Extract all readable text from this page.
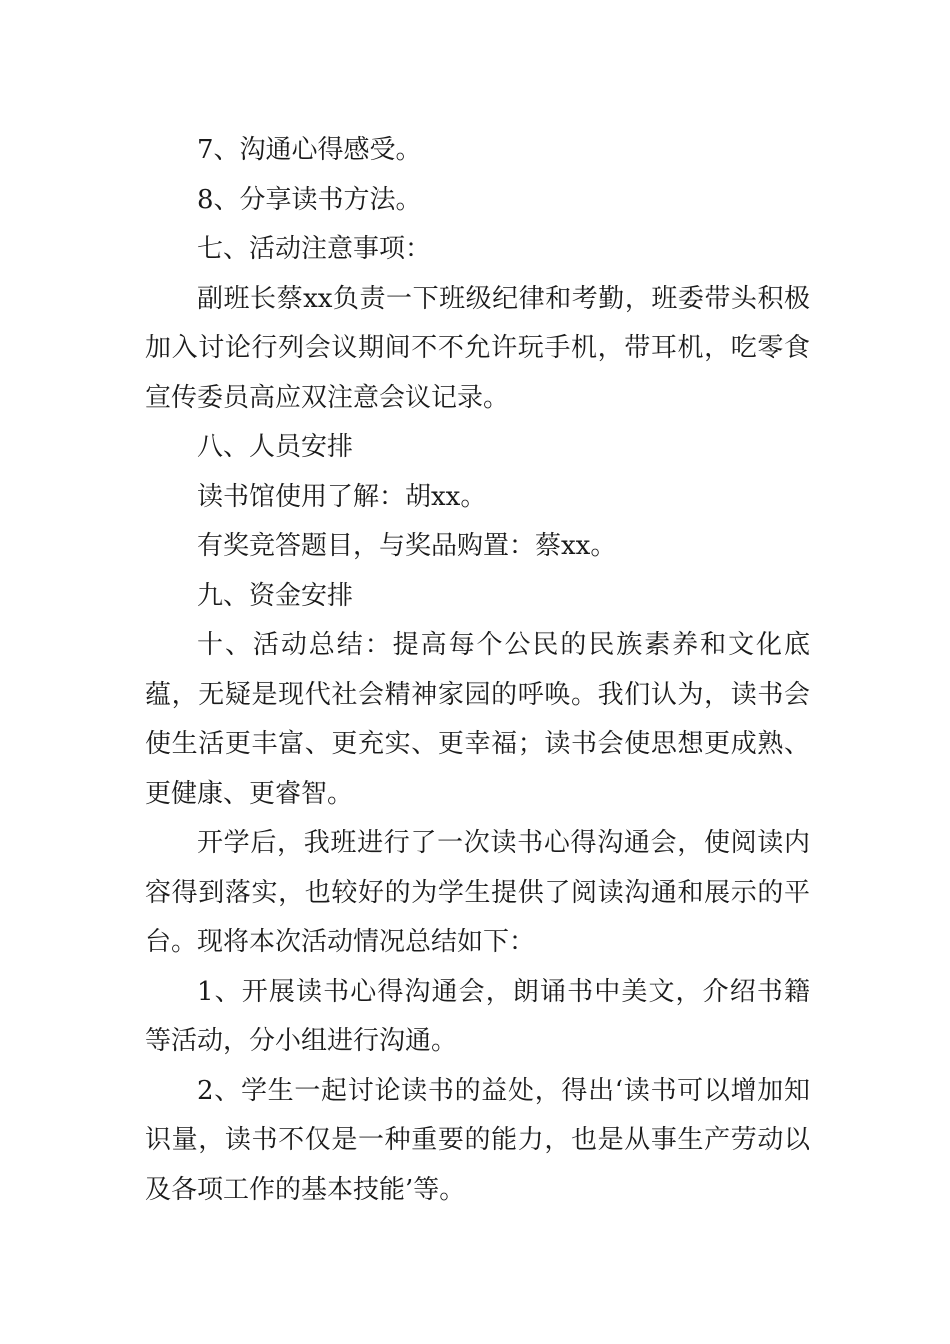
7、沟通心得感受。

8、分享读书方法。

七、活动注意事项：

副班长蔡xx负责一下班级纪律和考勤，班委带头积极加入讨论行列会议期间不不允许玩手机，带耳机，吃零食宣传委员高应双注意会议记录。

八、人员安排

读书馆使用了解：胡xx。

有奖竞答题目，与奖品购置：蔡xx。

九、资金安排

十、活动总结：提高每个公民的民族素养和文化底蕴，无疑是现代社会精神家园的呼唤。我们认为，读书会使生活更丰富、更充实、更幸福；读书会使思想更成熟、更健康、更睿智。

开学后，我班进行了一次读书心得沟通会，使阅读内容得到落实，也较好的为学生提供了阅读沟通和展示的平台。现将本次活动情况总结如下：

1、开展读书心得沟通会，朗诵书中美文，介绍书籍等活动，分小组进行沟通。

2、学生一起讨论读书的益处，得出‘读书可以增加知识量，读书不仅是一种重要的能力，也是从事生产劳动以及各项工作的基本技能’等。
